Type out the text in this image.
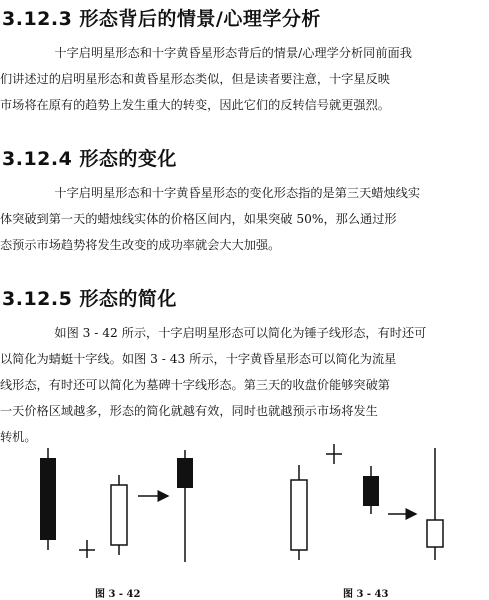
3.12.3 形态背后的情景/心理学分析
十字启明星形态和十字黄昏星形态背后的情景/心理学分析同前面我
们讲述过的启明星形态和黄昏星形态类似，但是读者要注意，十字星反映
市场将在原有的趋势上发生重大的转变，因此它们的反转信号就更强烈。
3.12.4 形态的变化
十字启明星形态和十字黄昏星形态的变化形态指的是第三天蜡烛线实
体突破到第一天的蜡烛线实体的价格区间内，如果突破 50%，那么通过形
态预示市场趋势将发生改变的成功率就会大大加强。
3.12.5 形态的简化
如图 3 - 42 所示，十字启明星形态可以简化为锤子线形态，有时还可
以简化为蜻蜓十字线。如图 3 - 43 所示，十字黄昏星形态可以简化为流星
线形态，有时还可以简化为墓碑十字线形态。第三天的收盘价能够突破第
一天价格区域越多，形态的简化就越有效，同时也就越预示市场将发生
转机。
图 3 - 42	图 3 - 43
